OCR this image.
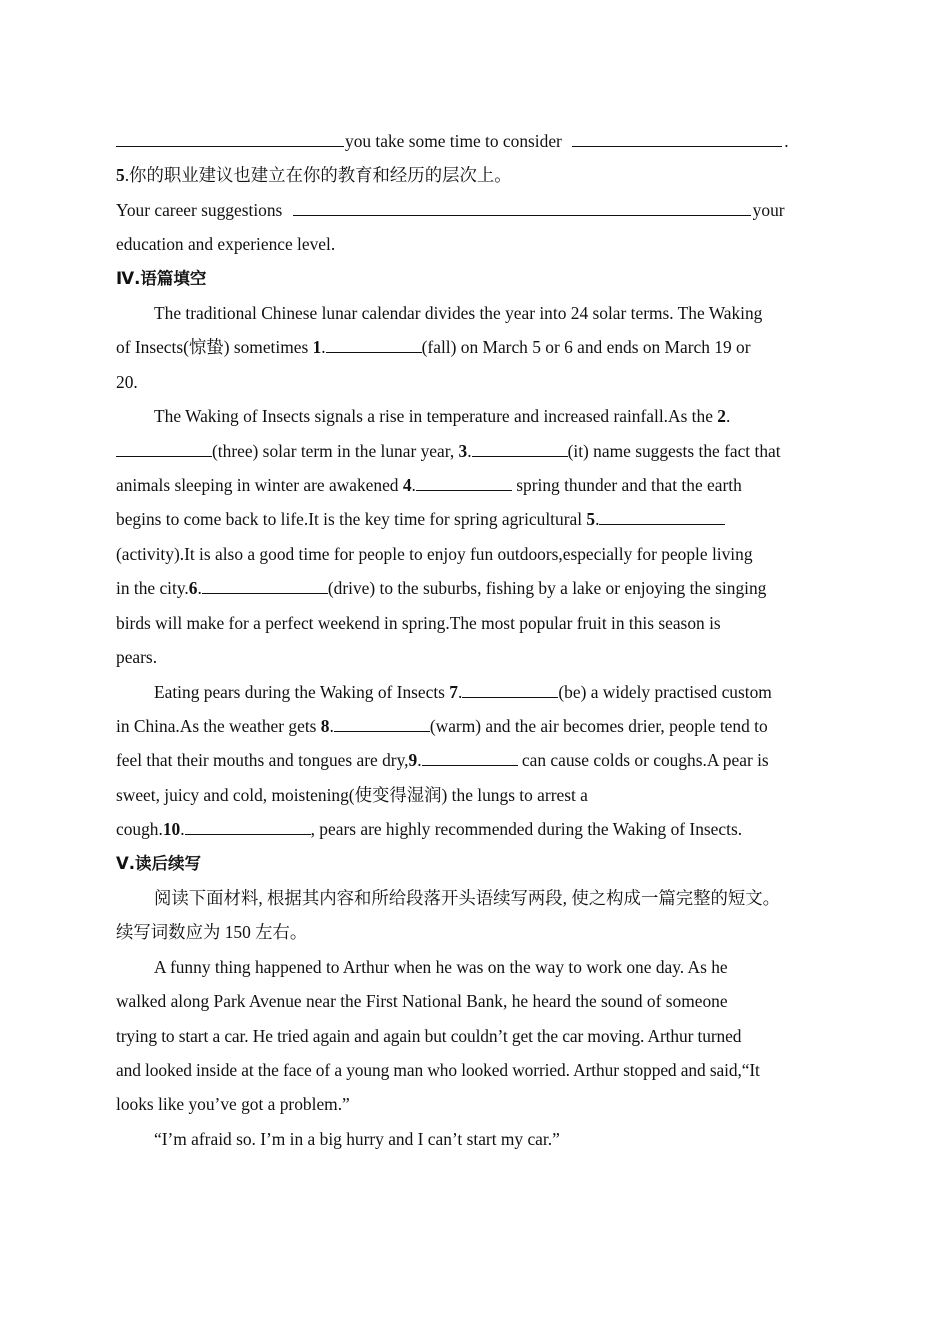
you take some time to consider	.

5.你的职业建议也建立在你的教育和经历的层次上。

Your career suggestions	your

education and experience level.

Ⅳ.语篇填空

The traditional Chinese lunar calendar divides the year into 24 solar terms. The Waking

of Insects(惊蛰) sometimes 1.	(fall) on March 5 or 6 and ends on March 19 or

20.

The Waking of Insects signals a rise in temperature and increased rainfall.As the 2.

(three) solar term in the lunar year, 3.	(it) name suggests the fact that

animals sleeping in winter are awakened 4.	spring thunder and that the earth

begins to come back to life.It is the key time for spring agricultural 5.

(activity).It is also a good time for people to enjoy fun outdoors,especially for people living

in the city.6.	(drive) to the suburbs, fishing by a lake or enjoying the singing

birds will make for a perfect weekend in spring.The most popular fruit in this season is

pears.

Eating pears during the Waking of Insects 7.	(be) a widely practised custom

in China.As the weather gets 8.	(warm) and the air becomes drier, people tend to

feel that their mouths and tongues are dry,9.	can cause colds or coughs.A pear is

sweet, juicy and cold, moistening(使变得湿润) the lungs to arrest a

cough.10.	, pears are highly recommended during the Waking of Insects.

Ⅴ.读后续写

阅读下面材料, 根据其内容和所给段落开头语续写两段, 使之构成一篇完整的短文。

续写词数应为 150 左右。

A funny thing happened to Arthur when he was on the way to work one day. As he

walked along Park Avenue near the First National Bank, he heard the sound of someone

trying to start a car. He tried again and again but couldn’t get the car moving. Arthur turned

and looked inside at the face of a young man who looked worried. Arthur stopped and said,“It

looks like you’ve got a problem.”

“I’m afraid so. I’m in a big hurry and I can’t start my car.”
